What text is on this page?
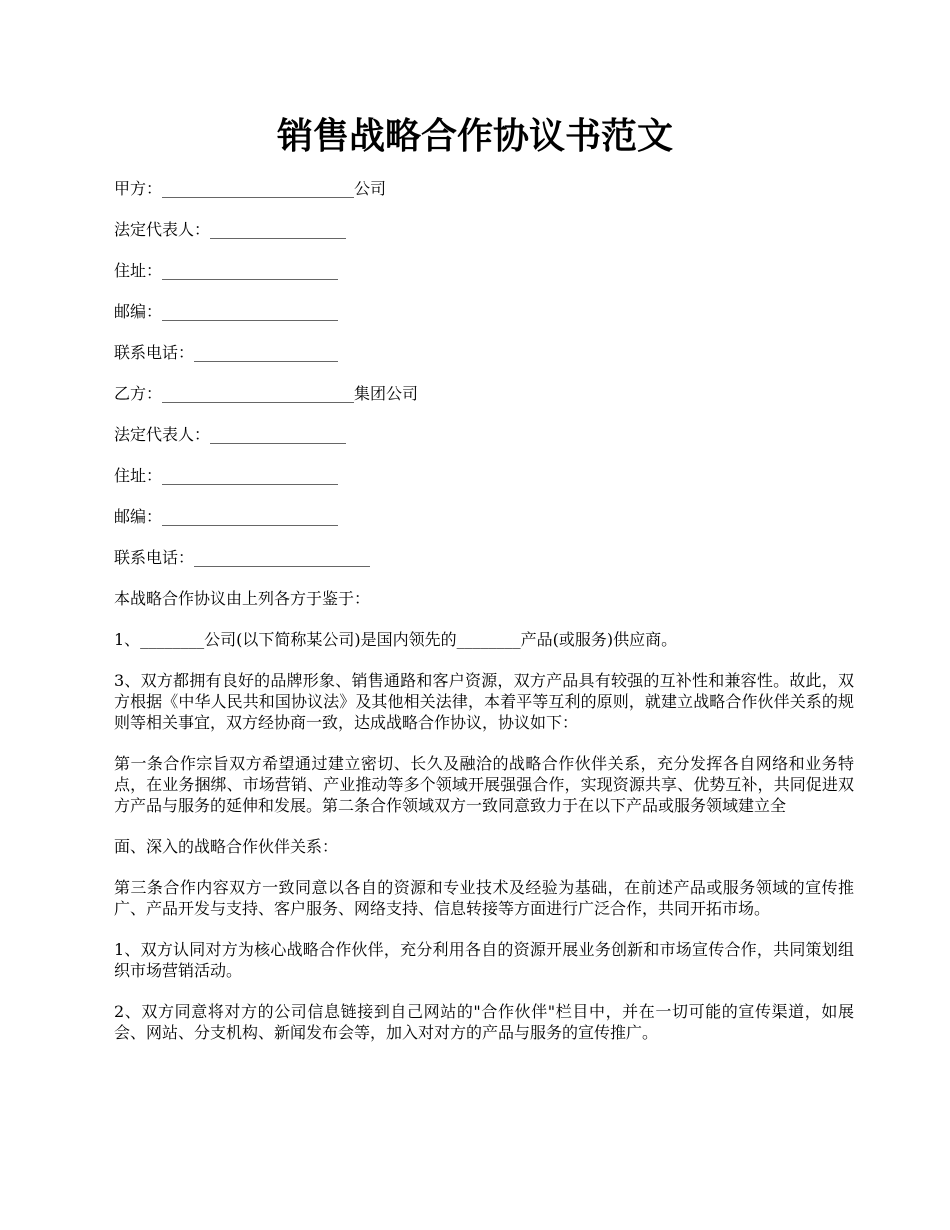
销售战略合作协议书范文

甲方：________________________公司

法定代表人：_________________

住址：______________________

邮编：______________________

联系电话：__________________

乙方：________________________集团公司

法定代表人：_________________

住址：______________________

邮编：______________________

联系电话：______________________

本战略合作协议由上列各方于鉴于：

1、________公司(以下简称某公司)是国内领先的________产品(或服务)供应商。

3、双方都拥有良好的品牌形象、销售通路和客户资源，双方产品具有较强的互补性和兼容性。故此，双方根据《中华人民共和国协议法》及其他相关法律，本着平等互利的原则，就建立战略合作伙伴关系的规则等相关事宜，双方经协商一致，达成战略合作协议，协议如下：

第一条合作宗旨双方希望通过建立密切、长久及融洽的战略合作伙伴关系，充分发挥各自网络和业务特点，在业务捆绑、市场营销、产业推动等多个领域开展强强合作，实现资源共享、优势互补，共同促进双方产品与服务的延伸和发展。第二条合作领域双方一致同意致力于在以下产品或服务领域建立全

面、深入的战略合作伙伴关系：

第三条合作内容双方一致同意以各自的资源和专业技术及经验为基础，在前述产品或服务领域的宣传推广、产品开发与支持、客户服务、网络支持、信息转接等方面进行广泛合作，共同开拓市场。

1、双方认同对方为核心战略合作伙伴，充分利用各自的资源开展业务创新和市场宣传合作，共同策划组织市场营销活动。

2、双方同意将对方的公司信息链接到自己网站的"合作伙伴"栏目中，并在一切可能的宣传渠道，如展会、网站、分支机构、新闻发布会等，加入对对方的产品与服务的宣传推广。
